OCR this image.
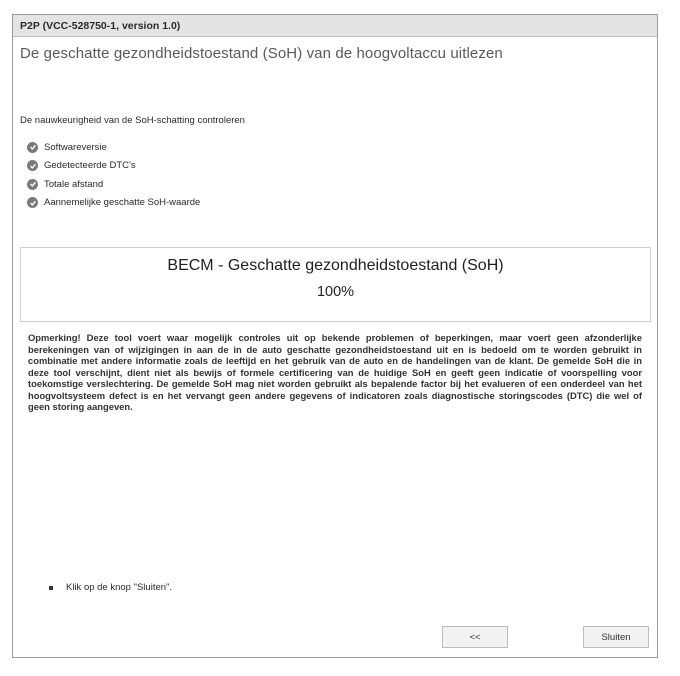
P2P (VCC-528750-1, version 1.0)
De geschatte gezondheidstoestand (SoH) van de hoogvoltaccu uitlezen
De nauwkeurigheid van de SoH-schatting controleren
Softwareversie
Gedetecteerde DTC's
Totale afstand
Aannemelijke geschatte SoH-waarde
BECM - Geschatte gezondheidstoestand (SoH)
100%
Opmerking! Deze tool voert waar mogelijk controles uit op bekende problemen of beperkingen, maar voert geen afzonderlijke berekeningen van of wijzigingen in aan de in de auto geschatte gezondheidstoestand uit en is bedoeld om te worden gebruikt in combinatie met andere informatie zoals de leeftijd en het gebruik van de auto en de handelingen van de klant. De gemelde SoH die in deze tool verschijnt, dient niet als bewijs of formele certificering van de huidige SoH en geeft geen indicatie of voorspelling voor toekomstige verslechtering. De gemelde SoH mag niet worden gebruikt als bepalende factor bij het evalueren of een onderdeel van het hoogvoltsysteem defect is en het vervangt geen andere gegevens of indicatoren zoals diagnostische storingscodes (DTC) die wel of geen storing aangeven.
Klik op de knop "Sluiten".
<<	Sluiten
